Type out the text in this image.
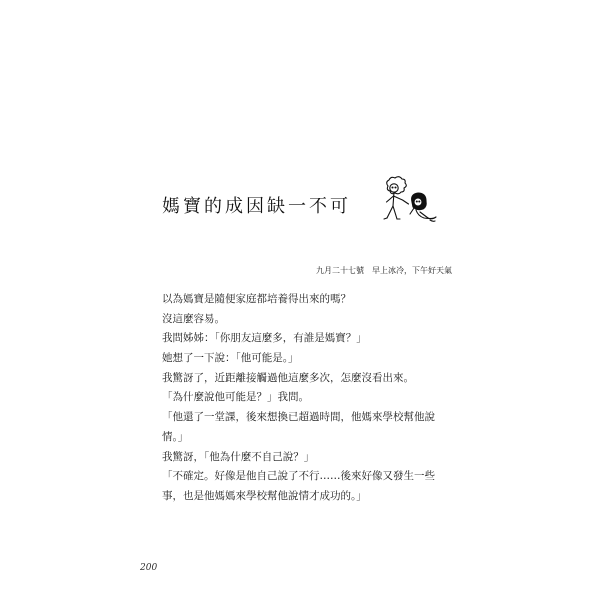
媽寶的成因缺一不可
九月二十七號　早上冰冷，下午好天氣
以為媽寶是隨便家庭都培養得出來的嗎？
沒這麼容易。
我問姊姊：「你朋友這麼多，有誰是媽寶？」
她想了一下說：「他可能是。」
我驚訝了，近距離接觸過他這麼多次，怎麼沒看出來。
「為什麼說他可能是？」我問。
「他還了一堂課，後來想換已超過時間，他媽來學校幫他說
情。」
我驚訝，「他為什麼不自己說？」
「不確定。好像是他自己說了不行……後來好像又發生一些
事，也是他媽媽來學校幫他說情才成功的。」
200
